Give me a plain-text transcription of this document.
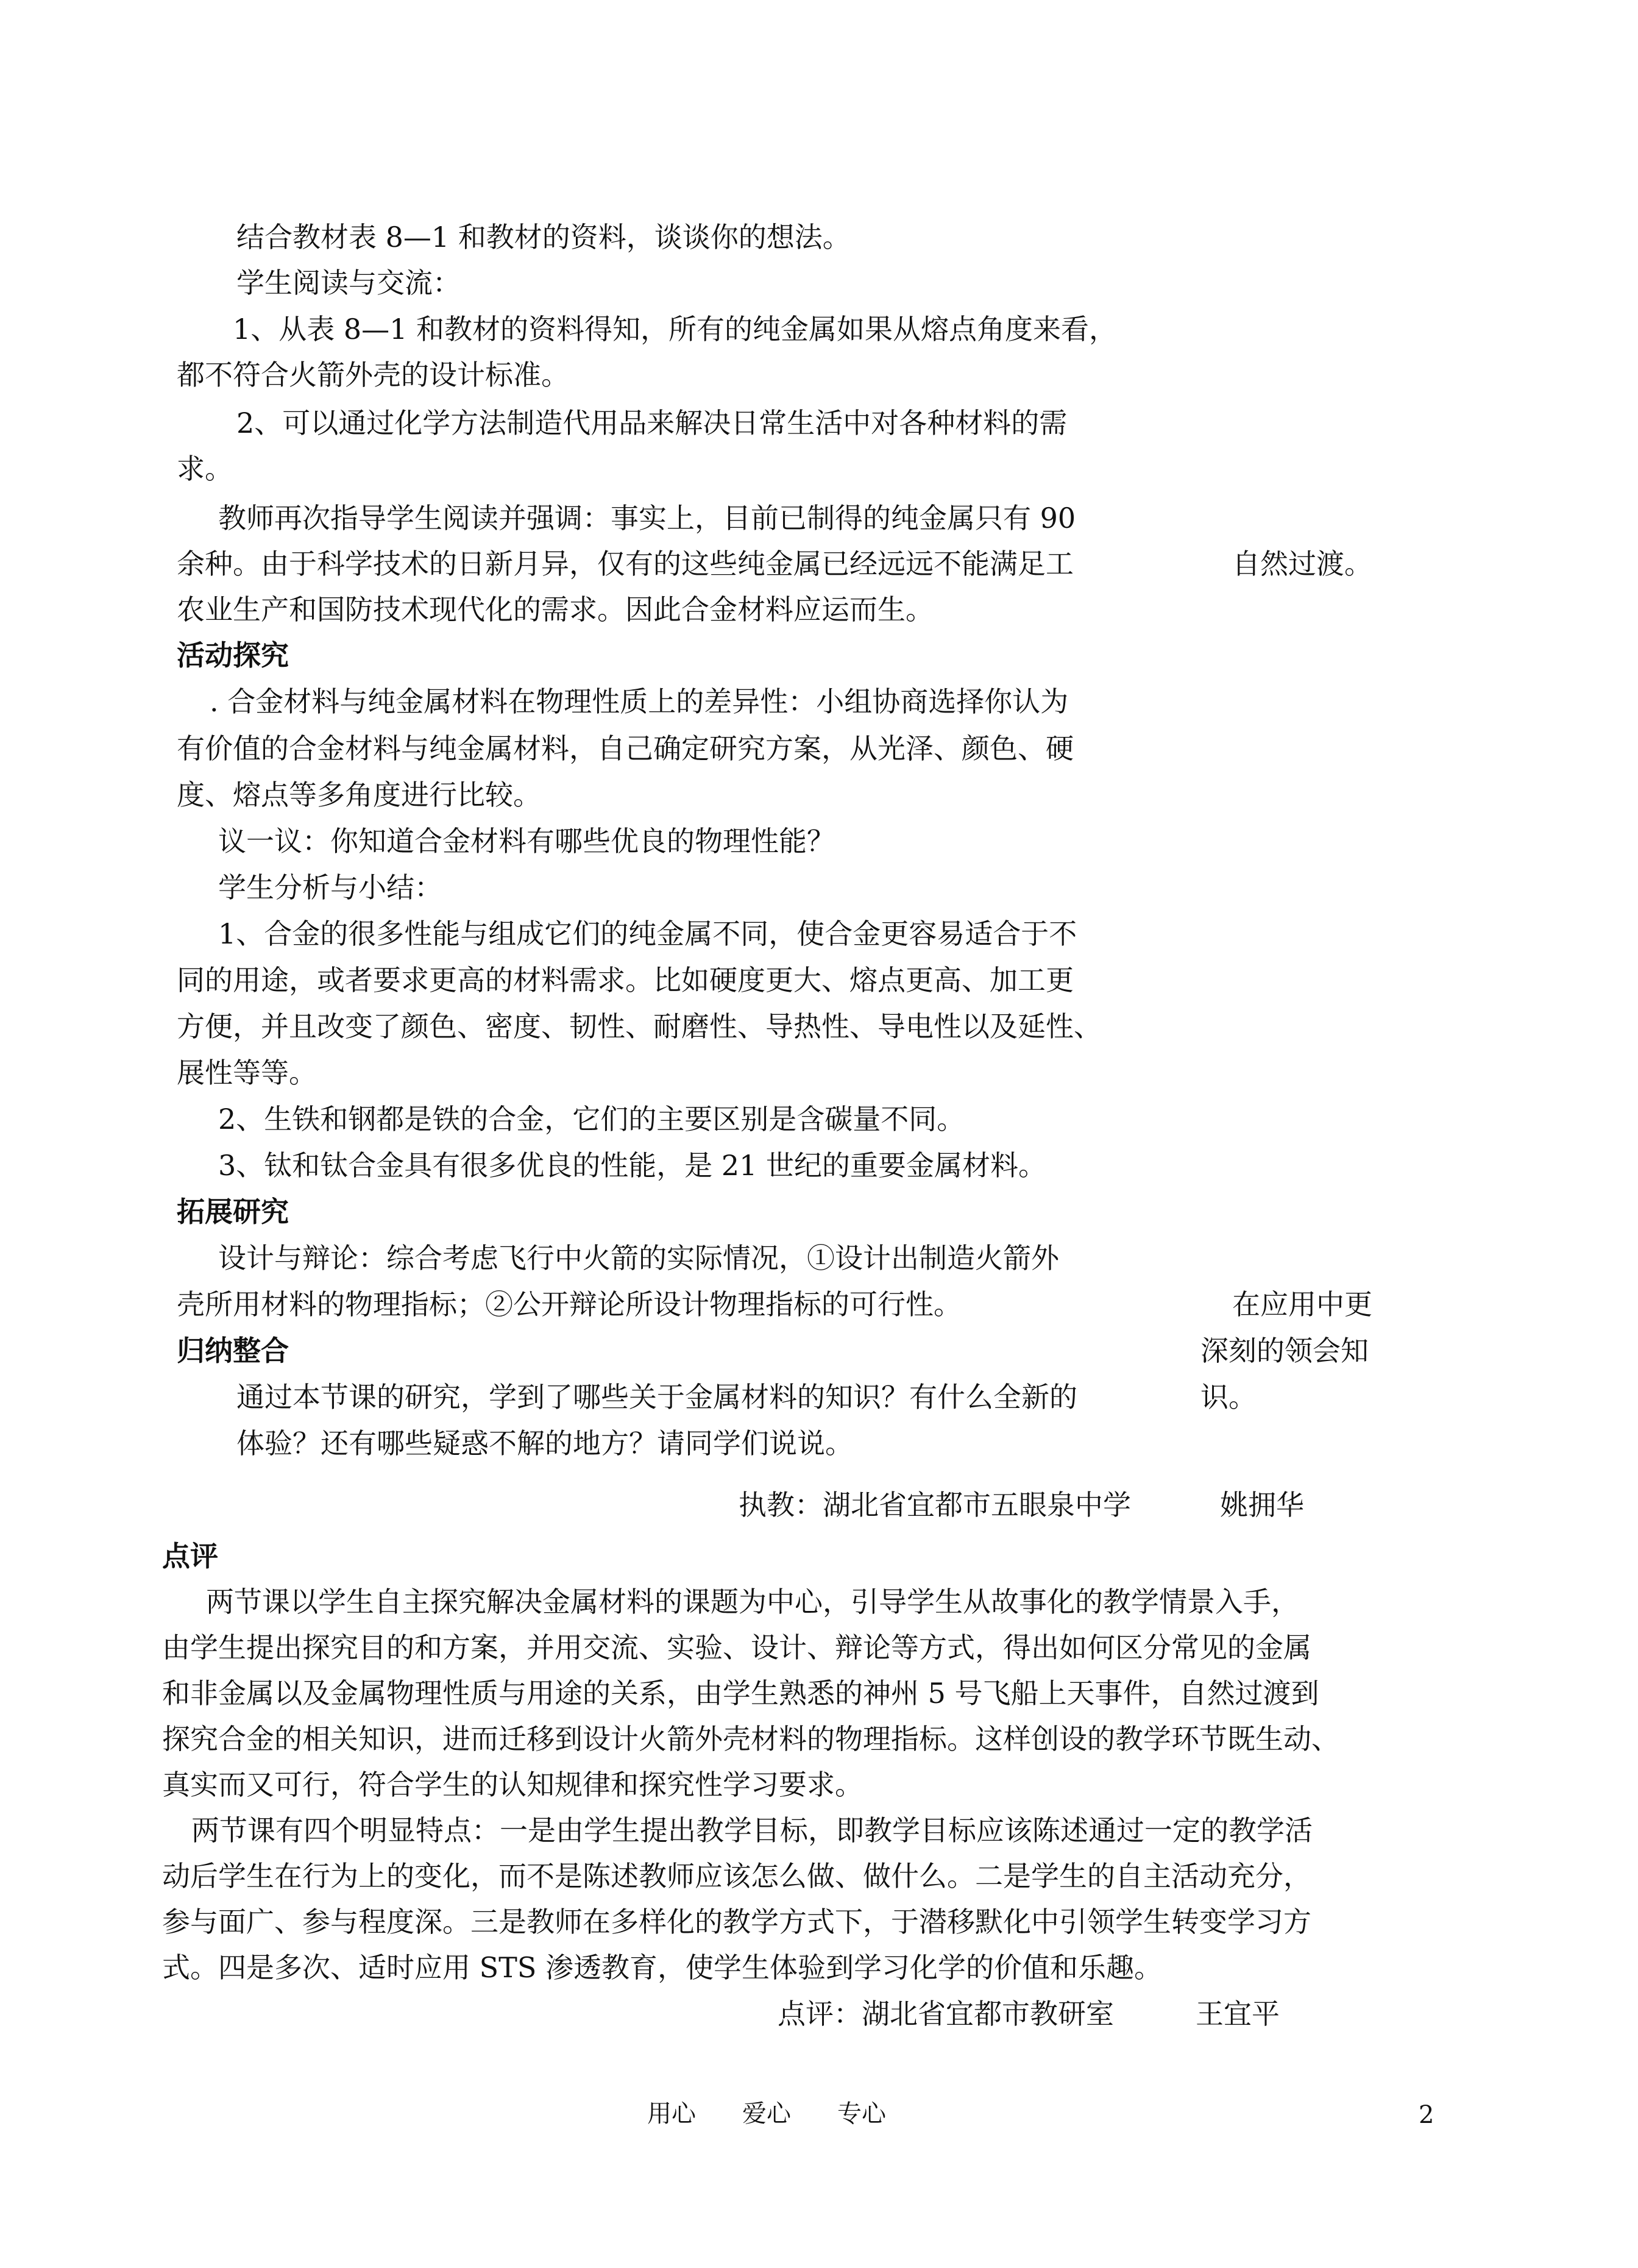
结合教材表 8—1 和教材的资料，谈谈你的想法。
学生阅读与交流：
1、从表 8—1 和教材的资料得知，所有的纯金属如果从熔点角度来看，
都不符合火箭外壳的设计标准。
2、可以通过化学方法制造代用品来解决日常生活中对各种材料的需
求。
教师再次指导学生阅读并强调：事实上，目前已制得的纯金属只有 90
余种。由于科学技术的日新月异，仅有的这些纯金属已经远远不能满足工
农业生产和国防技术现代化的需求。因此合金材料应运而生。
活动探究
. 合金材料与纯金属材料在物理性质上的差异性：小组协商选择你认为
有价值的合金材料与纯金属材料，自己确定研究方案，从光泽、颜色、硬
度、熔点等多角度进行比较。
议一议：你知道合金材料有哪些优良的物理性能？
学生分析与小结：
1、合金的很多性能与组成它们的纯金属不同，使合金更容易适合于不
同的用途，或者要求更高的材料需求。比如硬度更大、熔点更高、加工更
方便，并且改变了颜色、密度、韧性、耐磨性、导热性、导电性以及延性、
展性等等。
2、生铁和钢都是铁的合金，它们的主要区别是含碳量不同。
3、钛和钛合金具有很多优良的性能，是 21 世纪的重要金属材料。
拓展研究
设计与辩论：综合考虑飞行中火箭的实际情况，①设计出制造火箭外
壳所用材料的物理指标；②公开辩论所设计物理指标的可行性。
归纳整合
通过本节课的研究，学到了哪些关于金属材料的知识？有什么全新的
体验？还有哪些疑惑不解的地方？请同学们说说。
执教：湖北省宜都市五眼泉中学	姚拥华
自然过渡。
在应用中更
深刻的领会知
识。
点评
两节课以学生自主探究解决金属材料的课题为中心，引导学生从故事化的教学情景入手，
由学生提出探究目的和方案，并用交流、实验、设计、辩论等方式，得出如何区分常见的金属
和非金属以及金属物理性质与用途的关系，由学生熟悉的神州 5 号飞船上天事件，自然过渡到
探究合金的相关知识，进而迁移到设计火箭外壳材料的物理指标。这样创设的教学环节既生动、
真实而又可行，符合学生的认知规律和探究性学习要求。
两节课有四个明显特点：一是由学生提出教学目标，即教学目标应该陈述通过一定的教学活
动后学生在行为上的变化，而不是陈述教师应该怎么做、做什么。二是学生的自主活动充分，
参与面广、参与程度深。三是教师在多样化的教学方式下，于潜移默化中引领学生转变学习方
式。四是多次、适时应用 STS 渗透教育，使学生体验到学习化学的价值和乐趣。
点评：湖北省宜都市教研室	王宜平
用心 爱心 专心	2
